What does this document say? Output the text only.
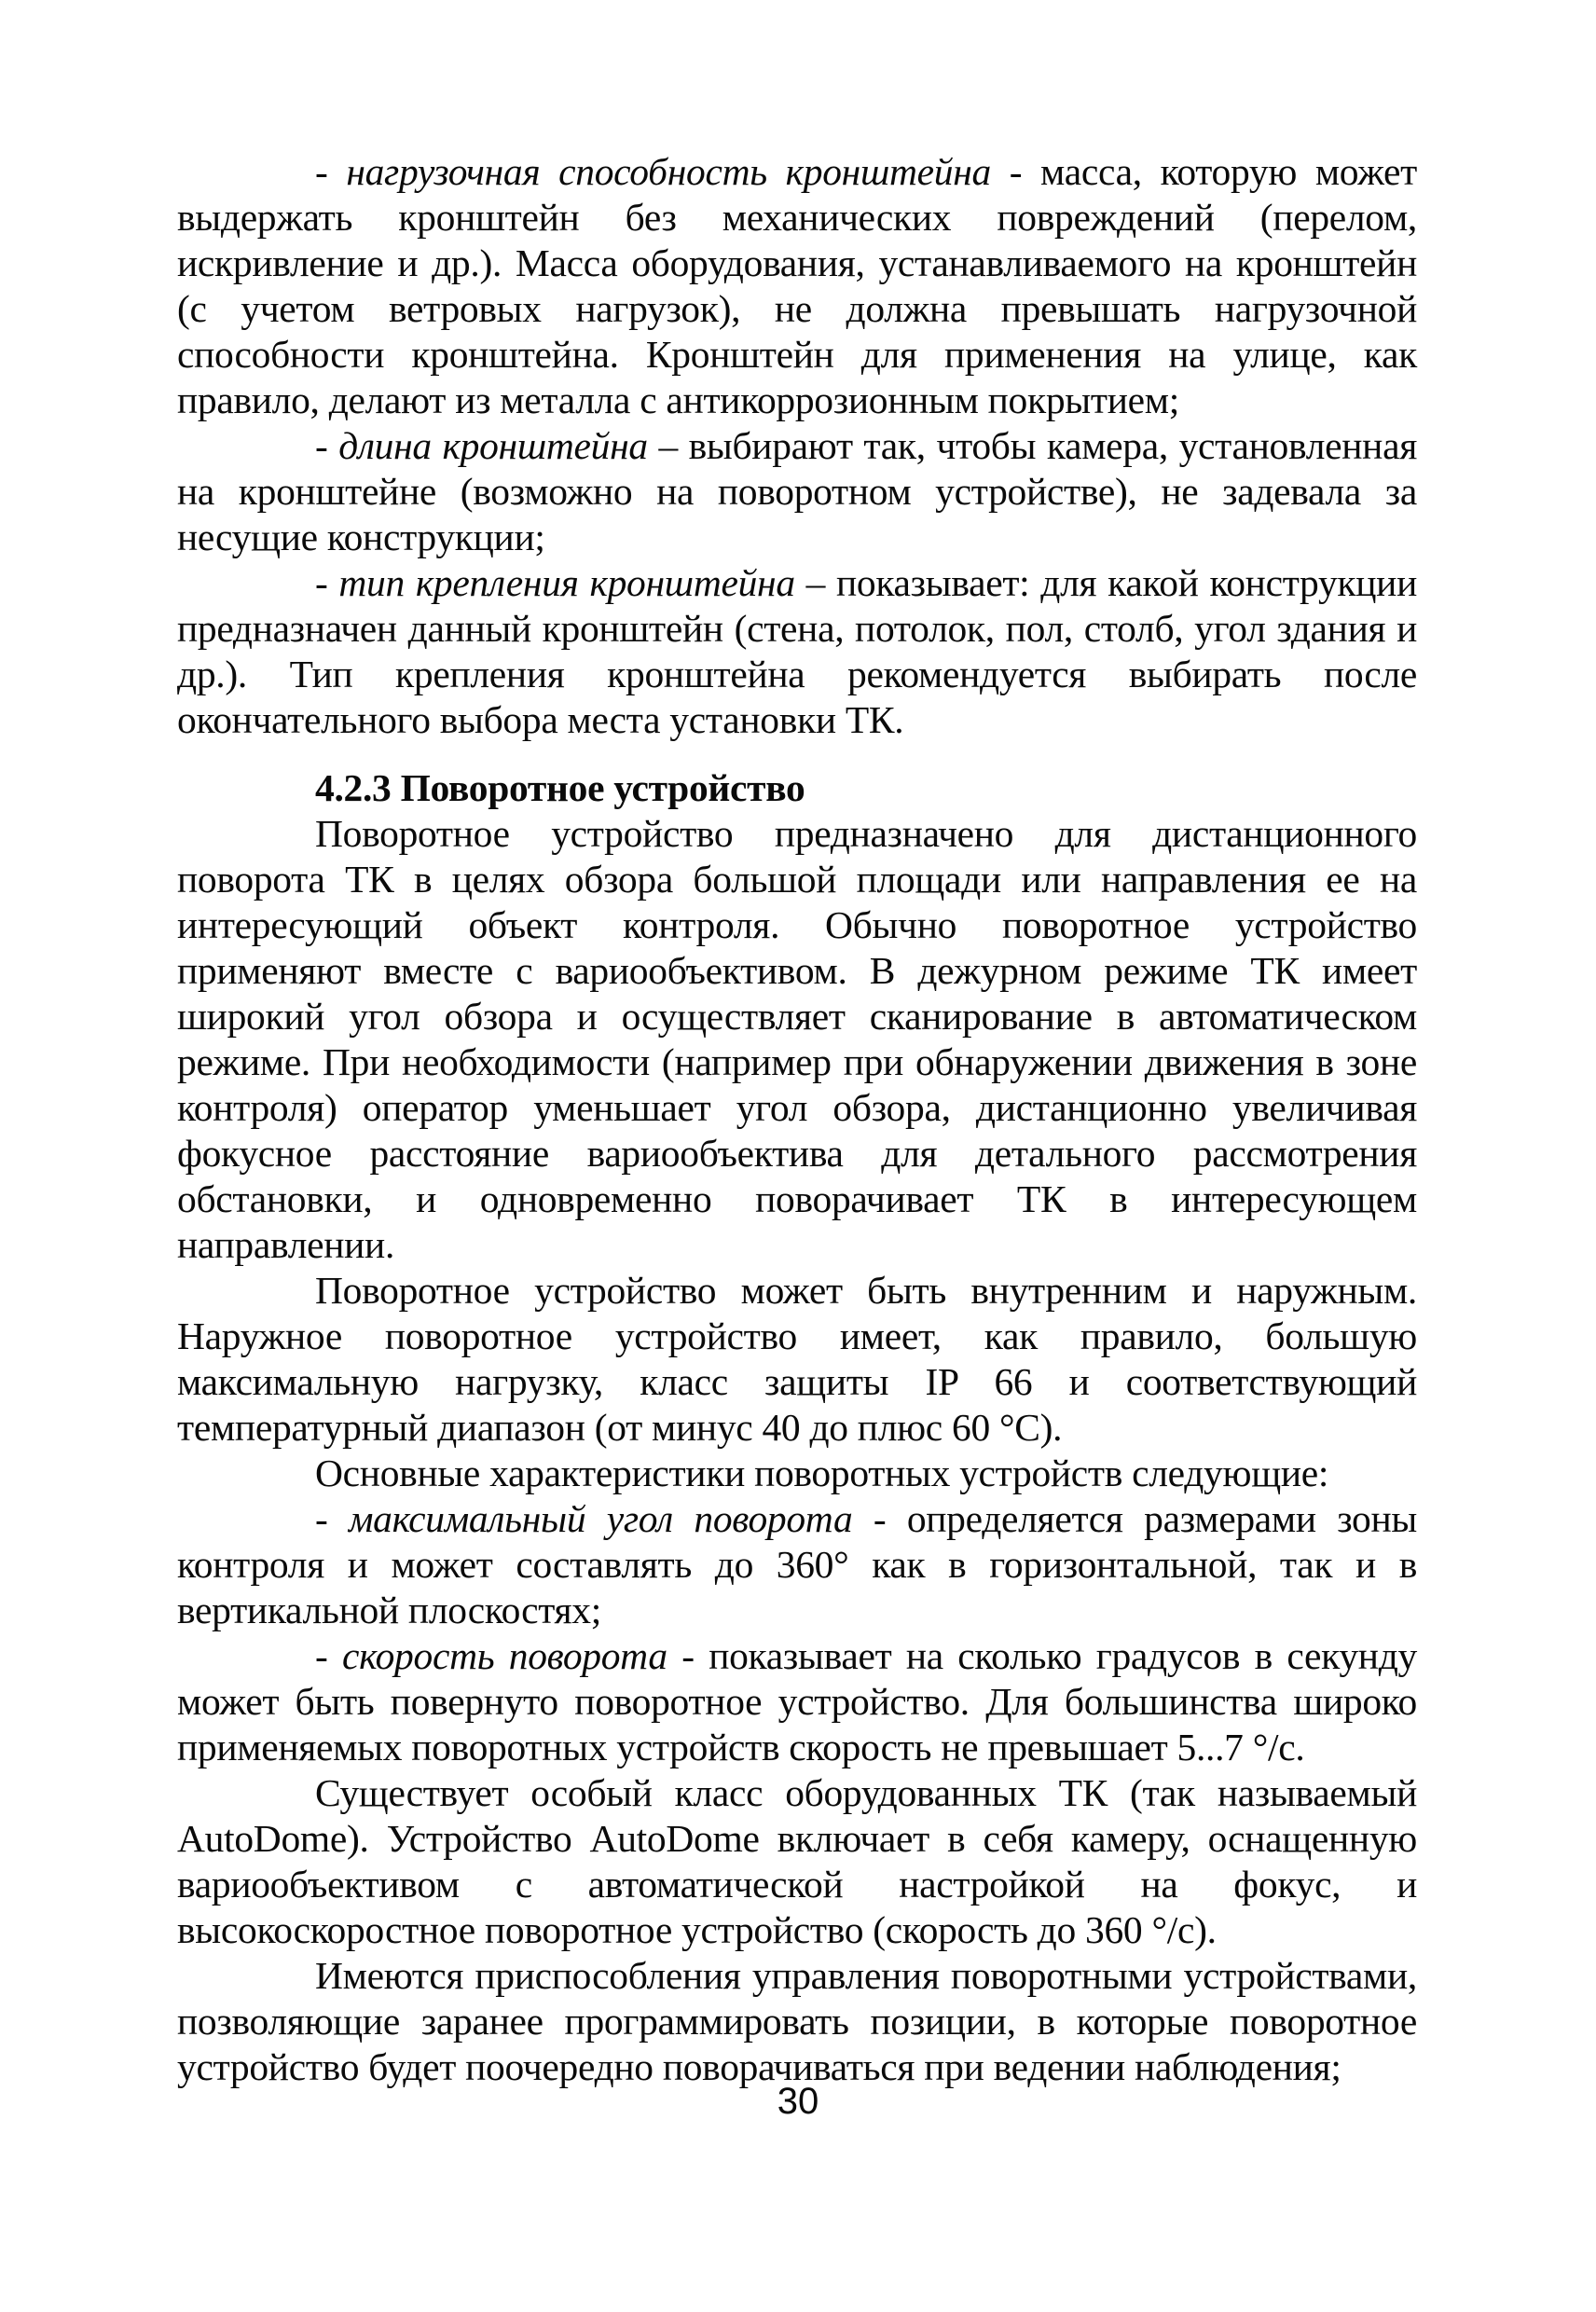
- нагрузочная способность кронштейна - масса, которую может выдержать кронштейн без механических повреждений (перелом, искривление и др.). Масса оборудования, устанавливаемого на кронштейн (с учетом ветровых нагрузок), не должна превышать нагрузочной способности кронштейна. Кронштейн для применения на улице, как правило, делают из металла с антикоррозионным покрытием;

- длина кронштейна – выбирают так, чтобы камера, установленная на кронштейне (возможно на поворотном устройстве), не задевала за несущие конструкции;

- тип крепления кронштейна – показывает: для какой конструкции предназначен данный кронштейн (стена, потолок, пол, столб, угол здания и др.). Тип крепления кронштейна рекомендуется выбирать после окончательного выбора места установки ТК.

4.2.3 Поворотное устройство

Поворотное устройство предназначено для дистанционного поворота ТК в целях обзора большой площади или направления ее на интересующий объект контроля. Обычно поворотное устройство применяют вместе с вариообъективом. В дежурном режиме ТК имеет широкий угол обзора и осуществляет сканирование в автоматическом режиме. При необходимости (например при обнаружении движения в зоне контроля) оператор уменьшает угол обзора, дистанционно увеличивая фокусное расстояние вариообъектива для детального рассмотрения обстановки, и одновременно поворачивает ТК в интересующем направлении.

Поворотное устройство может быть внутренним и наружным. Наружное поворотное устройство имеет, как правило, большую максимальную нагрузку, класс защиты IP 66 и соответствующий температурный диапазон (от минус 40 до плюс 60 °С).

Основные характеристики поворотных устройств следующие:

- максимальный угол поворота - определяется размерами зоны контроля и может составлять до 360° как в горизонтальной, так и в вертикальной плоскостях;

- скорость поворота - показывает на сколько градусов в секунду может быть повернуто поворотное устройство. Для большинства широко применяемых поворотных устройств скорость не превышает 5...7 °/с.

Существует особый класс оборудованных ТК (так называемый AutoDome). Устройство AutoDome включает в себя камеру, оснащенную вариообъективом с автоматической настройкой на фокус, и высокоскоростное поворотное устройство (скорость до 360 °/с).

Имеются приспособления управления поворотными устройствами, позволяющие заранее программировать позиции, в которые поворотное устройство будет поочередно поворачиваться при ведении наблюдения;

30
